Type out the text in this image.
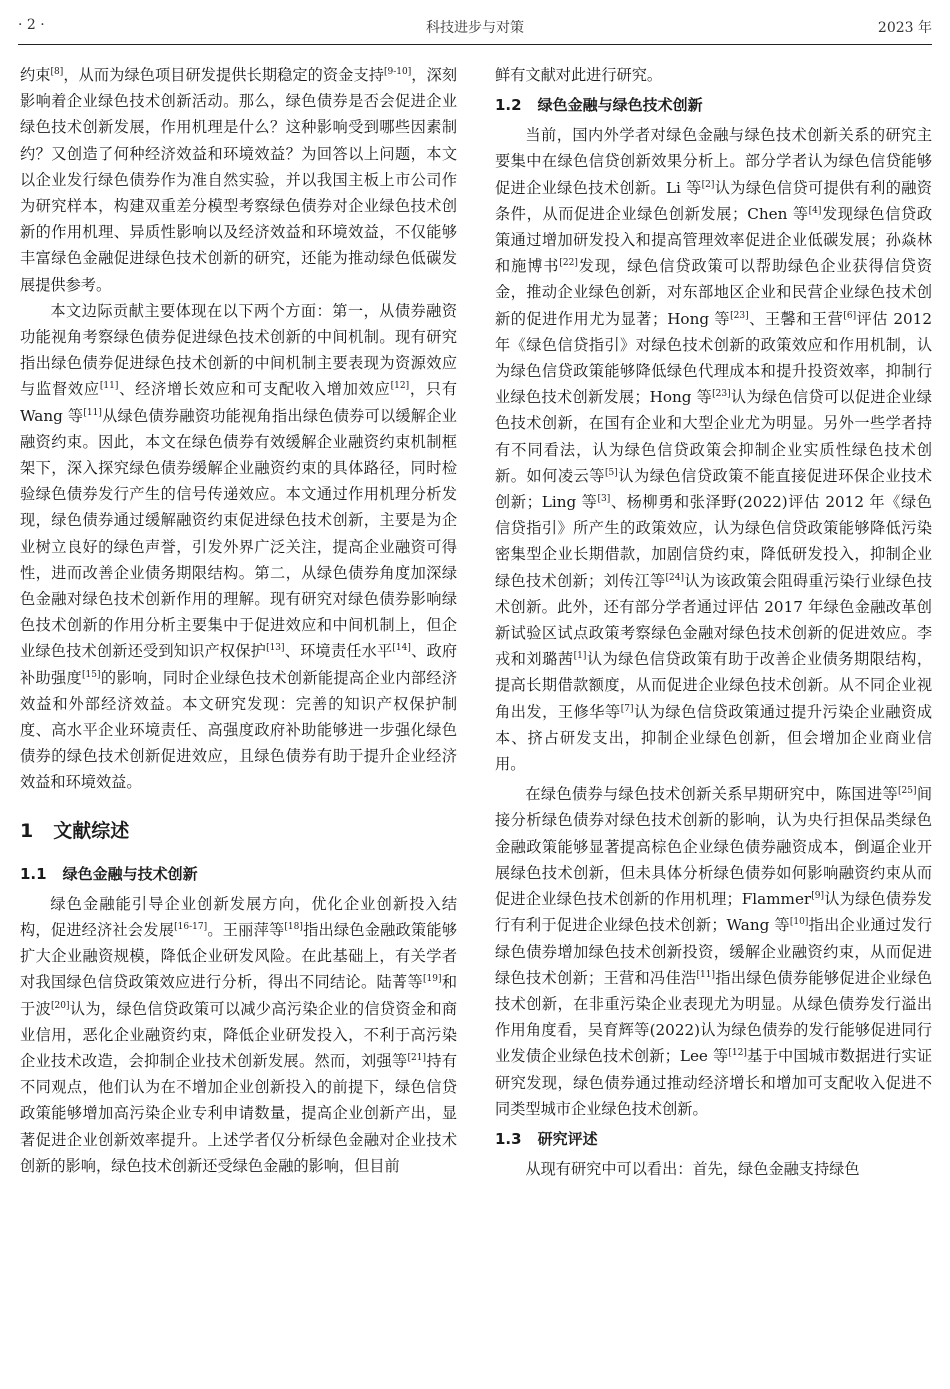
· 2 ·	科技进步与对策	2023 年

约束[8]，从而为绿色项目研发提供长期稳定的资金支持[9-10]，深刻影响着企业绿色技术创新活动。那么，绿色债券是否会促进企业绿色技术创新发展，作用机理是什么？这种影响受到哪些因素制约？又创造了何种经济效益和环境效益？为回答以上问题，本文以企业发行绿色债券作为准自然实验，并以我国主板上市公司作为研究样本，构建双重差分模型考察绿色债券对企业绿色技术创新的作用机理、异质性影响以及经济效益和环境效益，不仅能够丰富绿色金融促进绿色技术创新的研究，还能为推动绿色低碳发展提供参考。

本文边际贡献主要体现在以下两个方面：第一，从债券融资功能视角考察绿色债券促进绿色技术创新的中间机制。现有研究指出绿色债券促进绿色技术创新的中间机制主要表现为资源效应与监督效应[11]、经济增长效应和可支配收入增加效应[12]，只有 Wang 等[11]从绿色债券融资功能视角指出绿色债券可以缓解企业融资约束。因此，本文在绿色债券有效缓解企业融资约束机制框架下，深入探究绿色债券缓解企业融资约束的具体路径，同时检验绿色债券发行产生的信号传递效应。本文通过作用机理分析发现，绿色债券通过缓解融资约束促进绿色技术创新，主要是为企业树立良好的绿色声誉，引发外界广泛关注，提高企业融资可得性，进而改善企业债务期限结构。第二，从绿色债券角度加深绿色金融对绿色技术创新作用的理解。现有研究对绿色债券影响绿色技术创新的作用分析主要集中于促进效应和中间机制上，但企业绿色技术创新还受到知识产权保护[13]、环境责任水平[14]、政府补助强度[15]的影响，同时企业绿色技术创新能提高企业内部经济效益和外部经济效益。本文研究发现：完善的知识产权保护制度、高水平企业环境责任、高强度政府补助能够进一步强化绿色债券的绿色技术创新促进效应，且绿色债券有助于提升企业经济效益和环境效益。

1 文献综述
1.1 绿色金融与技术创新

绿色金融能引导企业创新发展方向，优化企业创新投入结构，促进经济社会发展[16-17]。王丽萍等[18]指出绿色金融政策能够扩大企业融资规模，降低企业研发风险。在此基础上，有关学者对我国绿色信贷政策效应进行分析，得出不同结论。陆菁等[19]和于波[20]认为，绿色信贷政策可以减少高污染企业的信贷资金和商业信用，恶化企业融资约束，降低企业研发投入，不利于高污染企业技术改造，会抑制企业技术创新发展。然而，刘强等[21]持有不同观点，他们认为在不增加企业创新投入的前提下，绿色信贷政策能够增加高污染企业专利申请数量，提高企业创新产出，显著促进企业创新效率提升。上述学者仅分析绿色金融对企业技术创新的影响，绿色技术创新还受绿色金融的影响，但目前

鲜有文献对此进行研究。

1.2 绿色金融与绿色技术创新

当前，国内外学者对绿色金融与绿色技术创新关系的研究主要集中在绿色信贷创新效果分析上。部分学者认为绿色信贷能够促进企业绿色技术创新。Li 等[2]认为绿色信贷可提供有利的融资条件，从而促进企业绿色创新发展；Chen 等[4]发现绿色信贷政策通过增加研发投入和提高管理效率促进企业低碳发展；孙焱林和施博书[22]发现，绿色信贷政策可以帮助绿色企业获得信贷资金，推动企业绿色创新，对东部地区企业和民营企业绿色技术创新的促进作用尤为显著；Hong 等[23]、王馨和王营[6]评估 2012 年《绿色信贷指引》对绿色技术创新的政策效应和作用机制，认为绿色信贷政策能够降低绿色代理成本和提升投资效率，抑制行业绿色技术创新发展；Hong 等[23]认为绿色信贷可以促进企业绿色技术创新，在国有企业和大型企业尤为明显。另外一些学者持有不同看法，认为绿色信贷政策会抑制企业实质性绿色技术创新。如何凌云等[5]认为绿色信贷政策不能直接促进环保企业技术创新；Ling 等[3]、杨柳勇和张泽野(2022)评估 2012 年《绿色信贷指引》所产生的政策效应，认为绿色信贷政策能够降低污染密集型企业长期借款，加剧信贷约束，降低研发投入，抑制企业绿色技术创新；刘传江等[24]认为该政策会阻碍重污染行业绿色技术创新。此外，还有部分学者通过评估 2017 年绿色金融改革创新试验区试点政策考察绿色金融对绿色技术创新的促进效应。李戎和刘璐茜[1]认为绿色信贷政策有助于改善企业债务期限结构，提高长期借款额度，从而促进企业绿色技术创新。从不同企业视角出发，王修华等[7]认为绿色信贷政策通过提升污染企业融资成本、挤占研发支出，抑制企业绿色创新，但会增加企业商业信用。

在绿色债券与绿色技术创新关系早期研究中，陈国进等[25]间接分析绿色债券对绿色技术创新的影响，认为央行担保品类绿色金融政策能够显著提高棕色企业绿色债券融资成本，倒逼企业开展绿色技术创新，但未具体分析绿色债券如何影响融资约束从而促进企业绿色技术创新的作用机理；Flammer[9]认为绿色债券发行有利于促进企业绿色技术创新；Wang 等[10]指出企业通过发行绿色债券增加绿色技术创新投资，缓解企业融资约束，从而促进绿色技术创新；王营和冯佳浩[11]指出绿色债券能够促进企业绿色技术创新，在非重污染企业表现尤为明显。从绿色债券发行溢出作用角度看，吴育辉等(2022)认为绿色债券的发行能够促进同行业发债企业绿色技术创新；Lee 等[12]基于中国城市数据进行实证研究发现，绿色债券通过推动经济增长和增加可支配收入促进不同类型城市企业绿色技术创新。

1.3 研究评述

从现有研究中可以看出：首先，绿色金融支持绿色
